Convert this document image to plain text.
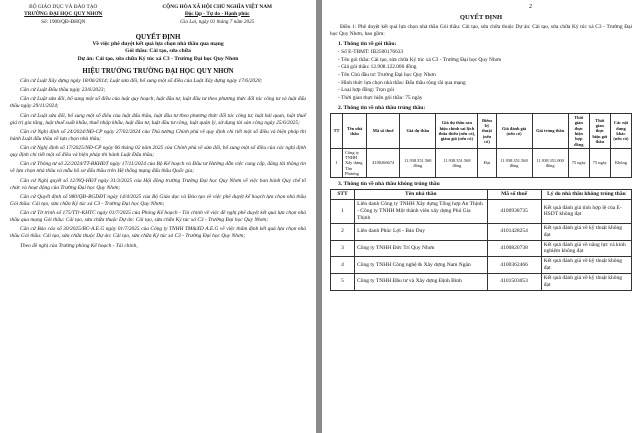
BỘ GIÁO DỤC VÀ ĐÀO TẠO
TRƯỜNG ĐẠI HỌC QUY NHƠN
CỘNG HÒA XÃ HỘI CHỦ NGHĨA VIỆT NAM
Độc lập - Tự do - Hạnh phúc
Số: 1900/QĐ-ĐHQN	Gia Lai, ngày 01 tháng 7 năm 2025
QUYẾT ĐỊNH
Về việc phê duyệt kết quả lựa chọn nhà thầu qua mạng
Gói thầu: Cải tạo, sửa chữa
Dự án: Cải tạo, sửa chữa Ký túc xá C3 - Trường Đại học Quy Nhơn
HIỆU TRƯỞNG TRƯỜNG ĐẠI HỌC QUY NHƠN

Căn cứ Luật Xây dựng ngày 18/06/2014; Luật sửa đổi, bổ sung một số điều của Luật Xây dựng ngày 17/6/2020;

Căn cứ Luật Đấu thầu ngày 23/6/2023;

Căn cứ Luật sửa đổi, bổ sung một số điều của luật quy hoạch, luật đầu tư, luật đầu tư theo phương thức đối tác công tư và luật đấu thầu ngày 29/11/2024;

Căn cứ Luật sửa đổi, bổ sung một số điều của luật đấu thầu, luật đầu tư theo phương thức đối tác công tư, luật hải quan, luật thuế giá trị gia tăng, luật thuế xuất khẩu, thuế nhập khẩu, luật đầu tư, luật đầu tư công, luật quản lý, sử dụng tài sản công ngày 25/6/2025;

Căn cứ Nghị định số 24/2024/NĐ-CP ngày 27/02/2024 của Thủ tướng Chính phủ về quy định chi tiết một số điều và biện pháp thi hành Luật đấu thầu về lựa chọn nhà thầu;

Căn cứ Nghị định số 17/2025/NĐ-CP ngày 06 tháng 02 năm 2025 của Chính phủ về sửa đổi, bổ sung một số điều của các nghị định quy định chi tiết một số điều và biện pháp thi hành Luật Đấu thầu;

Căn cứ Thông tư số 22/2024/TT-BKHĐT ngày 17/11/2024 của Bộ Kế hoạch và Đầu tư Hướng dẫn việc cung cấp, đăng tải thông tin về lựa chọn nhà thầu và mẫu hồ sơ đấu thầu trên Hệ thống mạng đấu thầu Quốc gia;

Căn cứ Nghị quyết số 12/NQ-HĐT ngày 31/3/2025 của Hội đồng trường Trường Đại học Quy Nhơn về việc ban hành Quy chế tổ chức và hoạt động của Trường Đại học Quy Nhơn;

Căn cứ Quyết định số 980/QĐ-BGDĐT ngày 14/4/2025 của Bộ Giáo dục và Đào tạo về việc phê duyệt kế hoạch lựa chọn nhà thầu Gói thầu: Cải tạo, sửa chữa Ký túc xá C3 - Trường Đại học Quy Nhơn;

Căn cứ Tờ trình số 175/TTr-KHTC ngày 01/7/2025 của Phòng Kế hoạch - Tài chính về việc đề nghị phê duyệt kết quả lựa chọn nhà thầu qua mạng Gói thầu: Cải tạo, sửa chữa thuộc Dự án: Cải tạo, sửa chữa Ký túc xá C3 - Trường Đại học Quy Nhơn;

Căn cứ Báo cáo số 30/2025/BC-A.E.G ngày 01/7/2025 của Công ty TNHH TM&XD A.E.G về việc thẩm định kết quả lựa chọn nhà thầu Gói thầu: Cải tạo, sửa chữa thuộc Dự án: Cải tạo, sửa chữa Ký túc xá C3 - Trường Đại học Quy Nhơn;

Theo đề nghị của Trưởng phòng Kế hoạch - Tài chính,

2
QUYẾT ĐỊNH

Điều 1: Phê duyệt kết quả lựa chọn nhà thầu Gói thầu: Cải tạo, sửa chữa thuộc Dự án: Cải tạo, sửa chữa Ký túc xá C3 - Trường Đại học Quy Nhơn, bao gồm:

1. Thông tin về gói thầu:
- Số E-TBMT: IB2500176633
- Tên gói thầu: Cải tạo, sửa chữa Ký túc xá C3 - Trường Đại học Quy Nhơn
- Giá gói thầu: 12.908.122.000 đồng
- Tên Chủ đầu tư: Trường Đại học Quy Nhơn
- Hình thức lựa chọn nhà thầu: Đấu thầu rộng rãi qua mạng
- Loại hợp đồng: Trọn gói
- Thời gian thực hiện gói thầu: 75 ngày
2. Thông tin về nhà thầu trúng thầu:
TT	Tên nhà thầu	Mã số thuế	Giá dự thầu	Giá dự thầu sau hiệu chỉnh sai lệch thừa thiếu (nếu có), giảm giá (nếu có)	Điểm kỹ thuật (nếu có)	Giá đánh giá (nếu có)	Giá trúng thầu	Thời gian thực hiện hợp đồng	Thời gian thực hiện gói thầu	Các nội dung khác (nếu có)
1	Công ty TNHH Xây dựng Tân Phương	4100266674	11.938.351.568 đồng	11.938.351.568 đồng	Đạt	11.938.351.568 đồng	11.938.351.000 đồng	75 ngày	75 ngày	Không
3. Thông tin về nhà thầu không trúng thầu
STT	Tên nhà thầu	Mã số thuế	Lý do nhà thầu không trúng thầu
1	Liên danh Công ty TNHH Xây dựng Tổng hợp An Thịnh - Công ty TNHH Một thành viên xây dựng Phú Gia Thịnh	4100938735	Kết quả đánh giá tính hợp lệ của E-HSDT không đạt
2	Liên danh Phúc Lợi - Bảo Duy	4101428254	Kết quả đánh giá về kỹ thuật không đạt
3	Công ty TNHH Đức Trí Quy Nhơn	4100820738	Kết quả đánh giá về năng lực và kinh nghiệm không đạt
4	Công ty TNHH Công nghệ & Xây dựng Nam Ngân	4100362466	Kết quả đánh giá về kỹ thuật không đạt
5	Công ty TNHH Đầu tư và Xây dựng Định Bình	4101503053	Kết quả đánh giá về kỹ thuật không đạt
